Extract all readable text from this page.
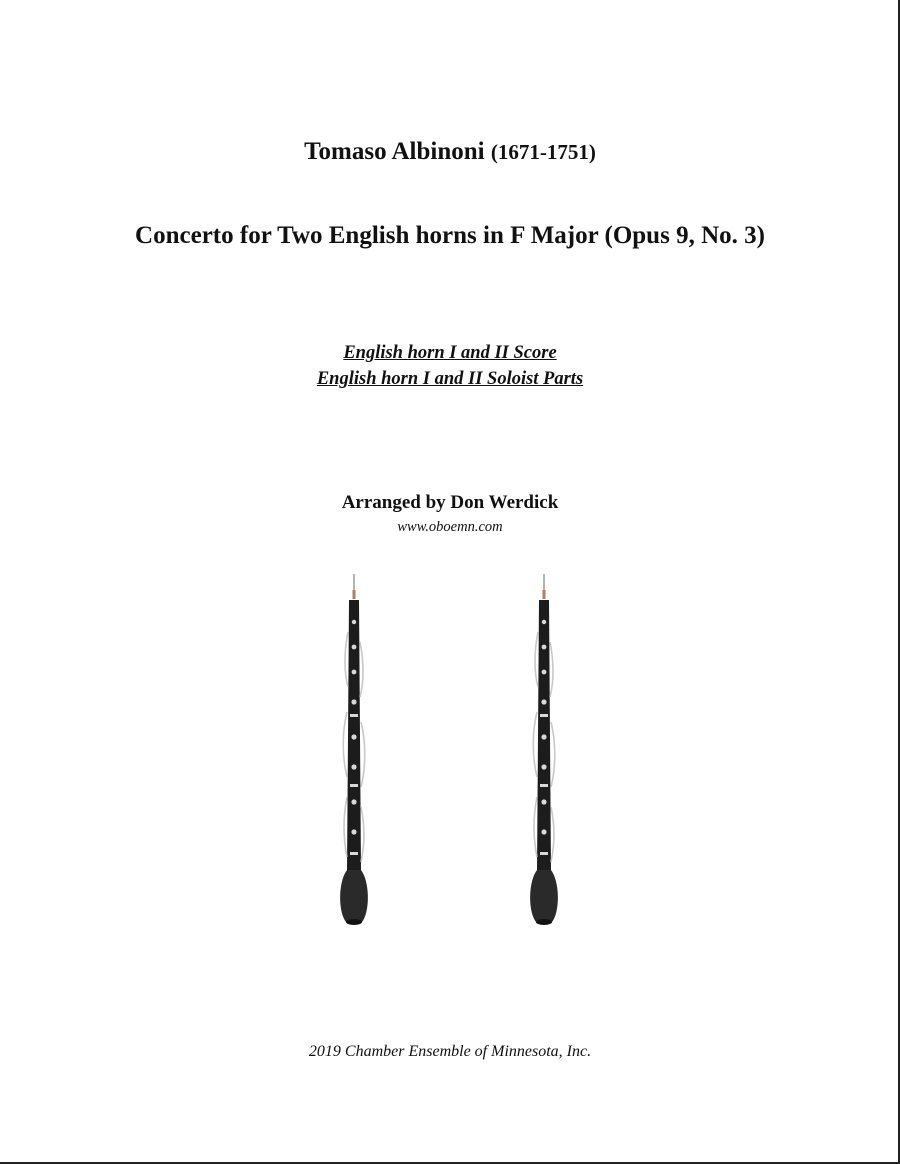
Tomaso Albinoni (1671-1751)
Concerto for Two English horns in F Major (Opus 9, No. 3)
English horn I and II Score
English horn I and II Soloist Parts
Arranged by Don Werdick
www.oboemn.com
2019 Chamber Ensemble of Minnesota, Inc.
